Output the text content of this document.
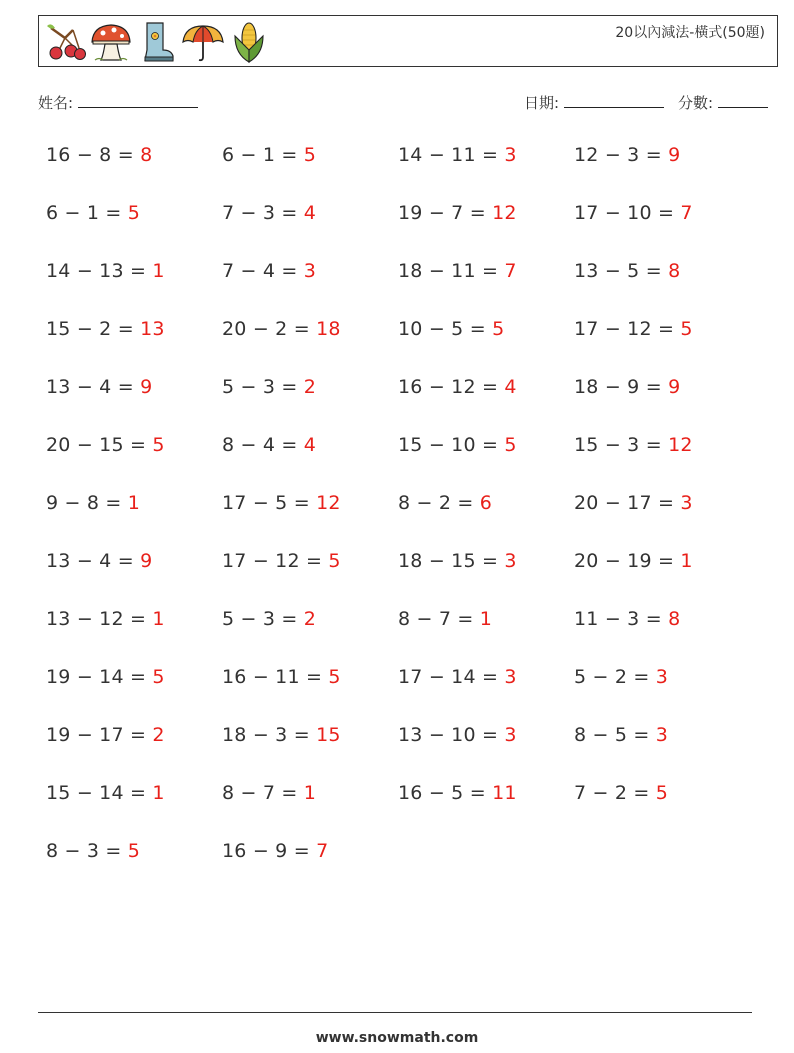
20以內減法-橫式(50題)
姓名:	日期:	分數:
16 − 8 = 8	6 − 1 = 5	14 − 11 = 3	12 − 3 = 9
6 − 1 = 5	7 − 3 = 4	19 − 7 = 12	17 − 10 = 7
14 − 13 = 1	7 − 4 = 3	18 − 11 = 7	13 − 5 = 8
15 − 2 = 13	20 − 2 = 18	10 − 5 = 5	17 − 12 = 5
13 − 4 = 9	5 − 3 = 2	16 − 12 = 4	18 − 9 = 9
20 − 15 = 5	8 − 4 = 4	15 − 10 = 5	15 − 3 = 12
9 − 8 = 1	17 − 5 = 12	8 − 2 = 6	20 − 17 = 3
13 − 4 = 9	17 − 12 = 5	18 − 15 = 3	20 − 19 = 1
13 − 12 = 1	5 − 3 = 2	8 − 7 = 1	11 − 3 = 8
19 − 14 = 5	16 − 11 = 5	17 − 14 = 3	5 − 2 = 3
19 − 17 = 2	18 − 3 = 15	13 − 10 = 3	8 − 5 = 3
15 − 14 = 1	8 − 7 = 1	16 − 5 = 11	7 − 2 = 5
8 − 3 = 5	16 − 9 = 7
www.snowmath.com
